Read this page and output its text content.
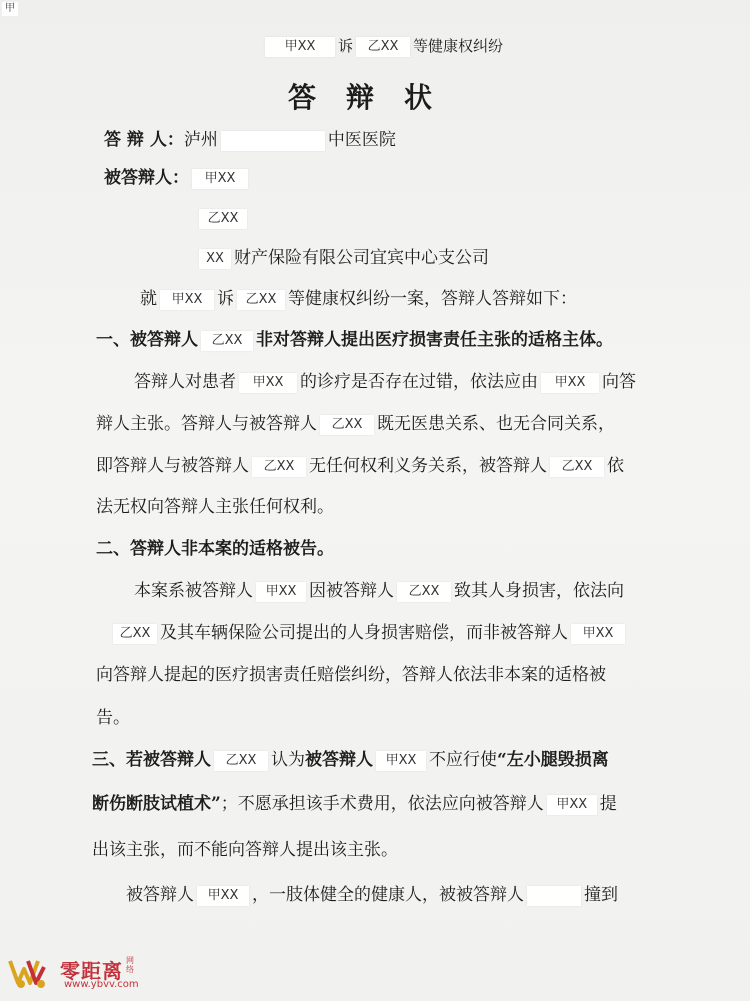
甲
甲XX 诉 乙XX 等健康权纠纷
答辩状
答 辩 人：泸州	中医医院
被答辩人： 甲XX
乙XX
XX 财产保险有限公司宜宾中心支公司
就 甲XX 诉 乙XX 等健康权纠纷一案，答辩人答辩如下：
一、被答辩人 乙XX 非对答辩人提出医疗损害责任主张的适格主体。
答辩人对患者 甲XX 的诊疗是否存在过错，依法应由 甲XX 向答
辩人主张。答辩人与被答辩人 乙XX 既无医患关系、也无合同关系，
即答辩人与被答辩人 乙XX 无任何权利义务关系，被答辩人 乙XX 依
法无权向答辩人主张任何权利。
二、答辩人非本案的适格被告。
本案系被答辩人 甲XX 因被答辩人 乙XX 致其人身损害，依法向
乙XX 及其车辆保险公司提出的人身损害赔偿，而非被答辩人 甲XX
向答辩人提起的医疗损害责任赔偿纠纷，答辩人依法非本案的适格被
告。
三、若被答辩人 乙XX 认为被答辩人 甲XX 不应行使“左小腿毁损离
断伤断肢试植术”；不愿承担该手术费用，依法应向被答辩人 甲XX 提
出该主张，而不能向答辩人提出该主张。
被答辩人 甲XX ，一肢体健全的健康人，被被答辩人	撞到
零距离 网络
www.ybvv.com
